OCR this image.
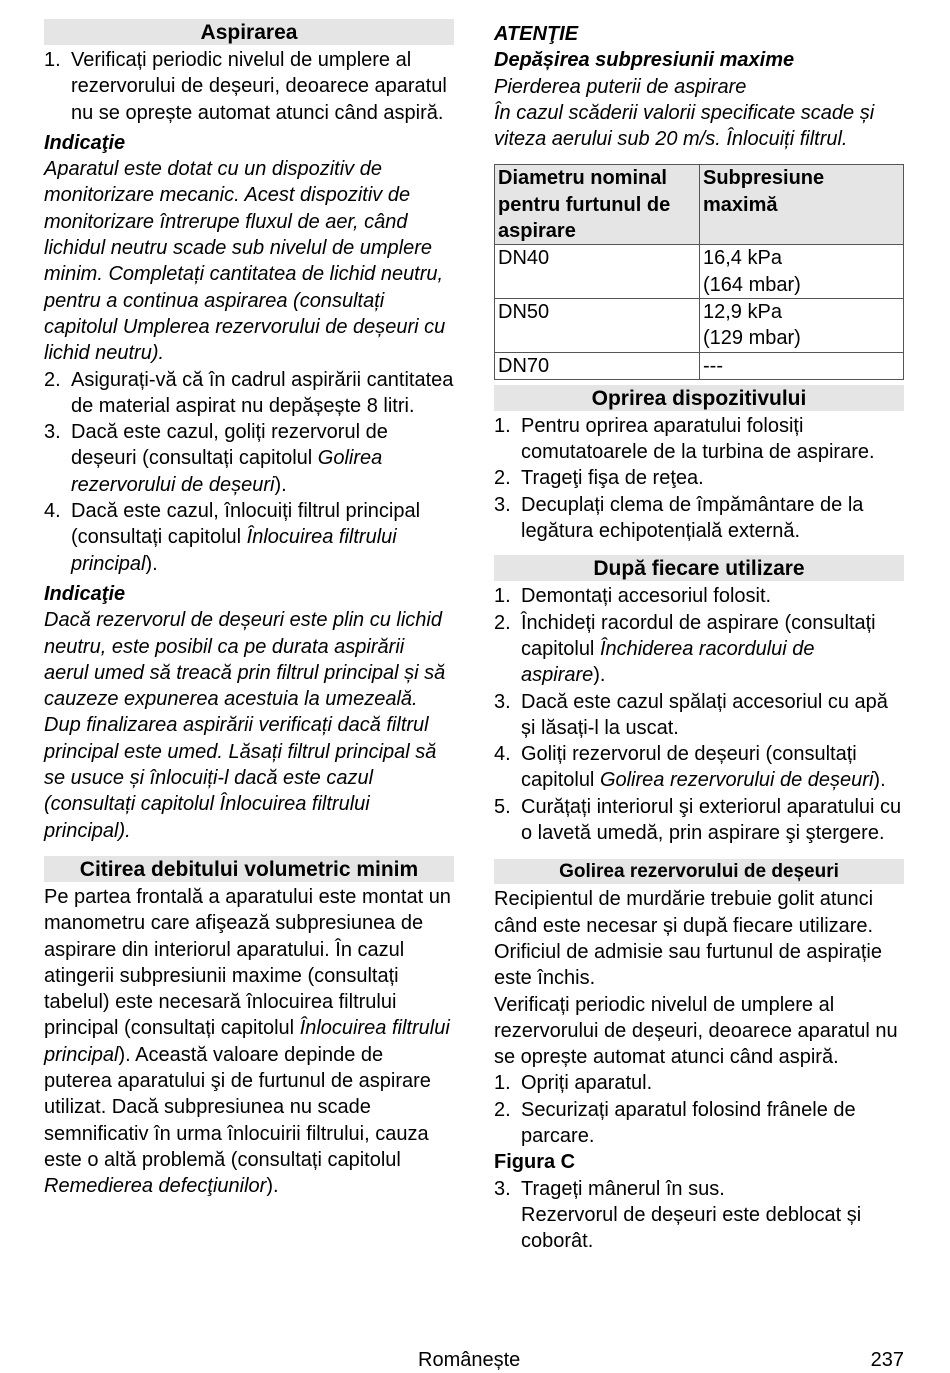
Aspirarea
1. Verificați periodic nivelul de umplere al rezervorului de deșeuri, deoarece aparatul nu se oprește automat atunci când aspiră.

Indicaţie

Aparatul este dotat cu un dispozitiv de monitorizare mecanic. Acest dispozitiv de monitorizare întrerupe fluxul de aer, când lichidul neutru scade sub nivelul de umplere minim. Completați cantitatea de lichid neutru, pentru a continua aspirarea (consultați capitolul Umplerea rezervorului de deșeuri cu lichid neutru).

2. Asigurați-vă că în cadrul aspirării cantitatea de material aspirat nu depășește 8 litri.
3. Dacă este cazul, goliți rezervorul de deșeuri (consultați capitolul Golirea rezervorului de deșeuri).
4. Dacă este cazul, înlocuiți filtrul principal (consultați capitolul Înlocuirea filtrului principal).

Indicaţie

Dacă rezervorul de deșeuri este plin cu lichid neutru, este posibil ca pe durata aspirării aerul umed să treacă prin filtrul principal și să cauzeze expunerea acestuia la umezeală. Dup finalizarea aspirării verificați dacă filtrul principal este umed. Lăsați filtrul principal să se usuce și înlocuiți-l dacă este cazul (consultați capitolul Înlocuirea filtrului principal).

Citirea debitului volumetric minim

Pe partea frontală a aparatului este montat un manometru care afişează subpresiunea de aspirare din interiorul aparatului. În cazul atingerii subpresiunii maxime (consultați tabelul) este necesară înlocuirea filtrului principal (consultați capitolul Înlocuirea filtrului principal). Această valoare depinde de puterea aparatului şi de furtunul de aspirare utilizat. Dacă subpresiunea nu scade semnificativ în urma înlocuirii filtrului, cauza este o altă problemă (consultați capitolul Remedierea defecţiunilor).

ATENŢIE

Depășirea subpresiunii maxime

Pierderea puterii de aspirare

În cazul scăderii valorii specificate scade și viteza aerului sub 20 m/s. Înlocuiți filtrul.

Diametru nominal pentru furtunul de aspirare	Subpresiune maximă
DN40	16,4 kPa
(164 mbar)

DN50	12,9 kPa
(129 mbar)

DN70	---
Oprirea dispozitivului
1. Pentru oprirea aparatului folosiți comutatoarele de la turbina de aspirare.
2. Trageţi fişa de reţea.
3. Decuplați clema de împământare de la legătura echipotențială externă.
După fiecare utilizare
1. Demontați accesoriul folosit.
2. Închideți racordul de aspirare (consultați capitolul Închiderea racordului de aspirare).
3. Dacă este cazul spălați accesoriul cu apă și lăsați-l la uscat.
4. Goliți rezervorul de deșeuri (consultați capitolul Golirea rezervorului de deșeuri).
5. Curățați interiorul şi exteriorul aparatului cu o lavetă umedă, prin aspirare şi ştergere.
Golirea rezervorului de deșeuri

Recipientul de murdărie trebuie golit atunci când este necesar și după fiecare utilizare. Orificiul de admisie sau furtunul de aspirație este închis.

Verificați periodic nivelul de umplere al rezervorului de deșeuri, deoarece aparatul nu se oprește automat atunci când aspiră.

1. Opriți aparatul.
2. Securizați aparatul folosind frânele de parcare.

Figura C

3. Trageți mânerul în sus.
Rezervorul de deșeuri este deblocat și coborât.
Românește	237
